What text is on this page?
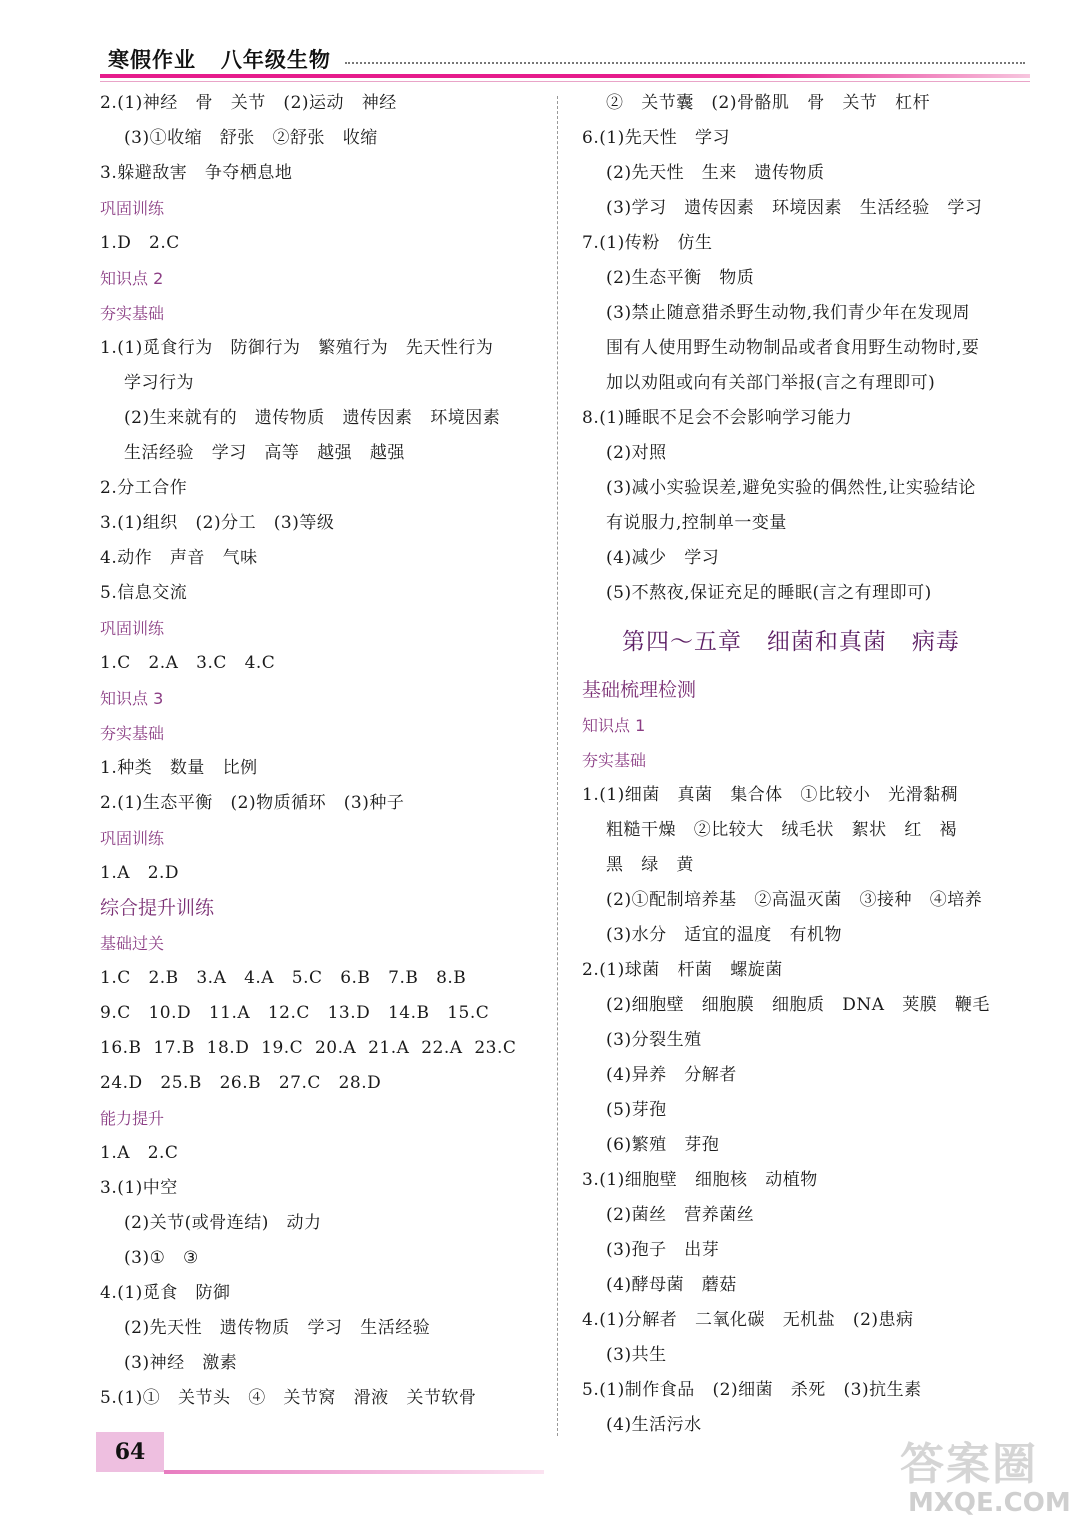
寒假作业   八年级生物
2.(1)神经   骨   关节   (2)运动   神经
(3)①收缩   舒张   ②舒张   收缩
3.躲避敌害   争夺栖息地
巩固训练
1.D   2.C
知识点 2
夯实基础
1.(1)觅食行为   防御行为   繁殖行为   先天性行为
学习行为
(2)生来就有的   遗传物质   遗传因素   环境因素
生活经验   学习   高等   越强   越强
2.分工合作
3.(1)组织   (2)分工   (3)等级
4.动作   声音   气味
5.信息交流
巩固训练
1.C   2.A   3.C   4.C
知识点 3
夯实基础
1.种类   数量   比例
2.(1)生态平衡   (2)物质循环   (3)种子
巩固训练
1.A   2.D
综合提升训练
基础过关
1.C   2.B   3.A   4.A   5.C   6.B   7.B   8.B
9.C   10.D   11.A   12.C   13.D   14.B   15.C
16.B  17.B  18.D  19.C  20.A  21.A  22.A  23.C
24.D   25.B   26.B   27.C   28.D
能力提升
1.A   2.C
3.(1)中空
(2)关节(或骨连结)   动力
(3)①   ③
4.(1)觅食   防御
(2)先天性   遗传物质   学习   生活经验
(3)神经   激素
5.(1)①   关节头   ④   关节窝   滑液   关节软骨
②   关节囊   (2)骨骼肌   骨   关节   杠杆
6.(1)先天性   学习
(2)先天性   生来   遗传物质
(3)学习   遗传因素   环境因素   生活经验   学习
7.(1)传粉   仿生
(2)生态平衡   物质
(3)禁止随意猎杀野生动物,我们青少年在发现周
围有人使用野生动物制品或者食用野生动物时,要
加以劝阻或向有关部门举报(言之有理即可)
8.(1)睡眠不足会不会影响学习能力
(2)对照
(3)减小实验误差,避免实验的偶然性,让实验结论
有说服力,控制单一变量
(4)减少   学习
(5)不熬夜,保证充足的睡眠(言之有理即可)
第四～五章   细菌和真菌   病毒
基础梳理检测
知识点 1
夯实基础
1.(1)细菌   真菌   集合体   ①比较小   光滑黏稠
粗糙干燥   ②比较大   绒毛状   絮状   红   褐
黑   绿   黄
(2)①配制培养基   ②高温灭菌   ③接种   ④培养
(3)水分   适宜的温度   有机物
2.(1)球菌   杆菌   螺旋菌
(2)细胞壁   细胞膜   细胞质   DNA   荚膜   鞭毛
(3)分裂生殖
(4)异养   分解者
(5)芽孢
(6)繁殖   芽孢
3.(1)细胞壁   细胞核   动植物
(2)菌丝   营养菌丝
(3)孢子   出芽
(4)酵母菌   蘑菇
4.(1)分解者   二氧化碳   无机盐   (2)患病
(3)共生
5.(1)制作食品   (2)细菌   杀死   (3)抗生素
(4)生活污水
64	答案圈
MXQE.COM
